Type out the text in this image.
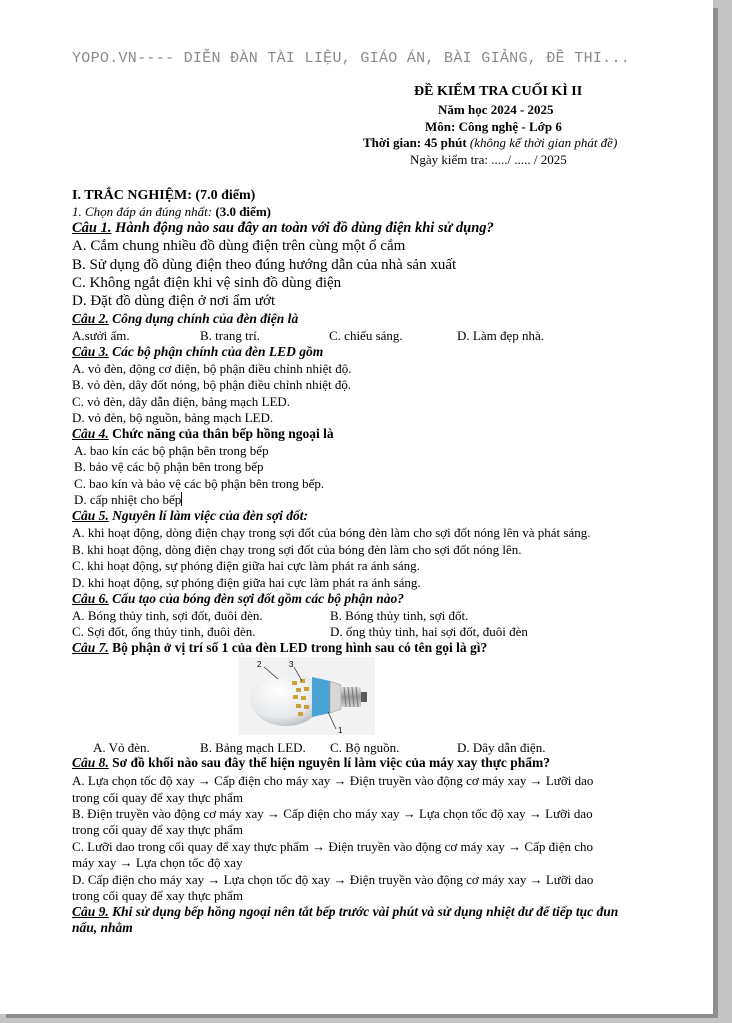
YOPO.VN---- DIỄN ĐÀN TÀI LIỆU, GIÁO ÁN, BÀI GIẢNG, ĐỀ THI...
ĐỀ KIỂM TRA CUỐI KÌ II
Năm học 2024 - 2025
Môn: Công nghệ - Lớp 6
Thời gian: 45 phút (không kể thời gian phát đề)
Ngày kiểm tra: ...../ ..... / 2025
I. TRẮC NGHIỆM: (7.0 điểm)
1. Chọn đáp án đúng nhất: (3.0 điểm)
Câu 1. Hành động nào sau đây an toàn với đồ dùng điện khi sử dụng?
A. Cắm chung nhiều đồ dùng điện trên cùng một ổ cắm
B. Sử dụng đồ dùng điện theo đúng hướng dẫn của nhà sản xuất
C. Không ngắt điện khi vệ sinh đồ dùng điện
D. Đặt đồ dùng điện ở nơi ẩm ướt
Câu 2. Công dụng chính của đèn điện là
A.sưởi ấm.	B. trang trí.	C. chiếu sáng.	D. Làm đẹp nhà.
Câu 3. Các bộ phận chính của đèn LED gồm
A. vỏ đèn, động cơ điện, bộ phận điều chỉnh nhiệt độ.
B. vỏ đèn, dây đốt nóng, bộ phận điều chỉnh nhiệt độ.
C. vỏ đèn, dây dẫn điện, bảng mạch LED.
D. vỏ đèn, bộ nguồn, bảng mạch LED.
Câu 4. Chức năng của thân bếp hồng ngoại là
A. bao kín các bộ phận bên trong bếp
B. bảo vệ các bộ phận bên trong bếp
C. bao kín và bảo vệ các bộ phận bên trong bếp.
D. cấp nhiệt cho bếp
Câu 5. Nguyên lí làm việc của đèn sợi đốt:
A. khi hoạt động, dòng điện chạy trong sợi đốt của bóng đèn làm cho sợi đốt nóng lên và phát sáng.
B. khi hoạt động, dòng điện chạy trong sợi đốt của bóng đèn làm cho sợi đốt nóng lên.
C. khi hoạt động, sự phóng điện giữa hai cực làm phát ra ánh sáng.
D. khi hoạt động, sự phóng điện giữa hai cực làm phát ra ánh sáng.
Câu 6. Cấu tạo của bóng đèn sợi đốt gồm các bộ phận nào?
A. Bóng thủy tinh, sợi đốt, đuôi đèn.	B. Bóng thủy tinh, sợi đốt.
C. Sợi đốt, ống thủy tinh, đuôi đèn.	D. ống thủy tinh, hai sợi đốt, đuôi đèn
Câu 7. Bộ phận ở vị trí số 1 của đèn LED trong hình sau có tên gọi là gì?
2	3
1
A. Vỏ đèn.	B. Bảng mạch LED. C. Bộ nguồn.	D. Dây dẫn điện.
Câu 8. Sơ đồ khối nào sau đây thể hiện nguyên lí làm việc của máy xay thực phẩm?
A. Lựa chọn tốc độ xay → Cấp điện cho máy xay → Điện truyền vào động cơ máy xay → Lưỡi dao
trong cối quay để xay thực phẩm
B. Điện truyền vào động cơ máy xay → Cấp điện cho máy xay → Lựa chọn tốc độ xay → Lưỡi dao
trong cối quay để xay thực phẩm
C. Lưỡi dao trong cối quay để xay thực phẩm → Điện truyền vào động cơ máy xay → Cấp điện cho
máy xay → Lựa chọn tốc độ xay
D. Cấp điện cho máy xay → Lựa chọn tốc độ xay → Điện truyền vào động cơ máy xay → Lưỡi dao
trong cối quay để xay thực phẩm
Câu 9. Khi sử dụng bếp hồng ngoại nên tắt bếp trước vài phút và sử dụng nhiệt dư để tiếp tục đun
nấu, nhằm
